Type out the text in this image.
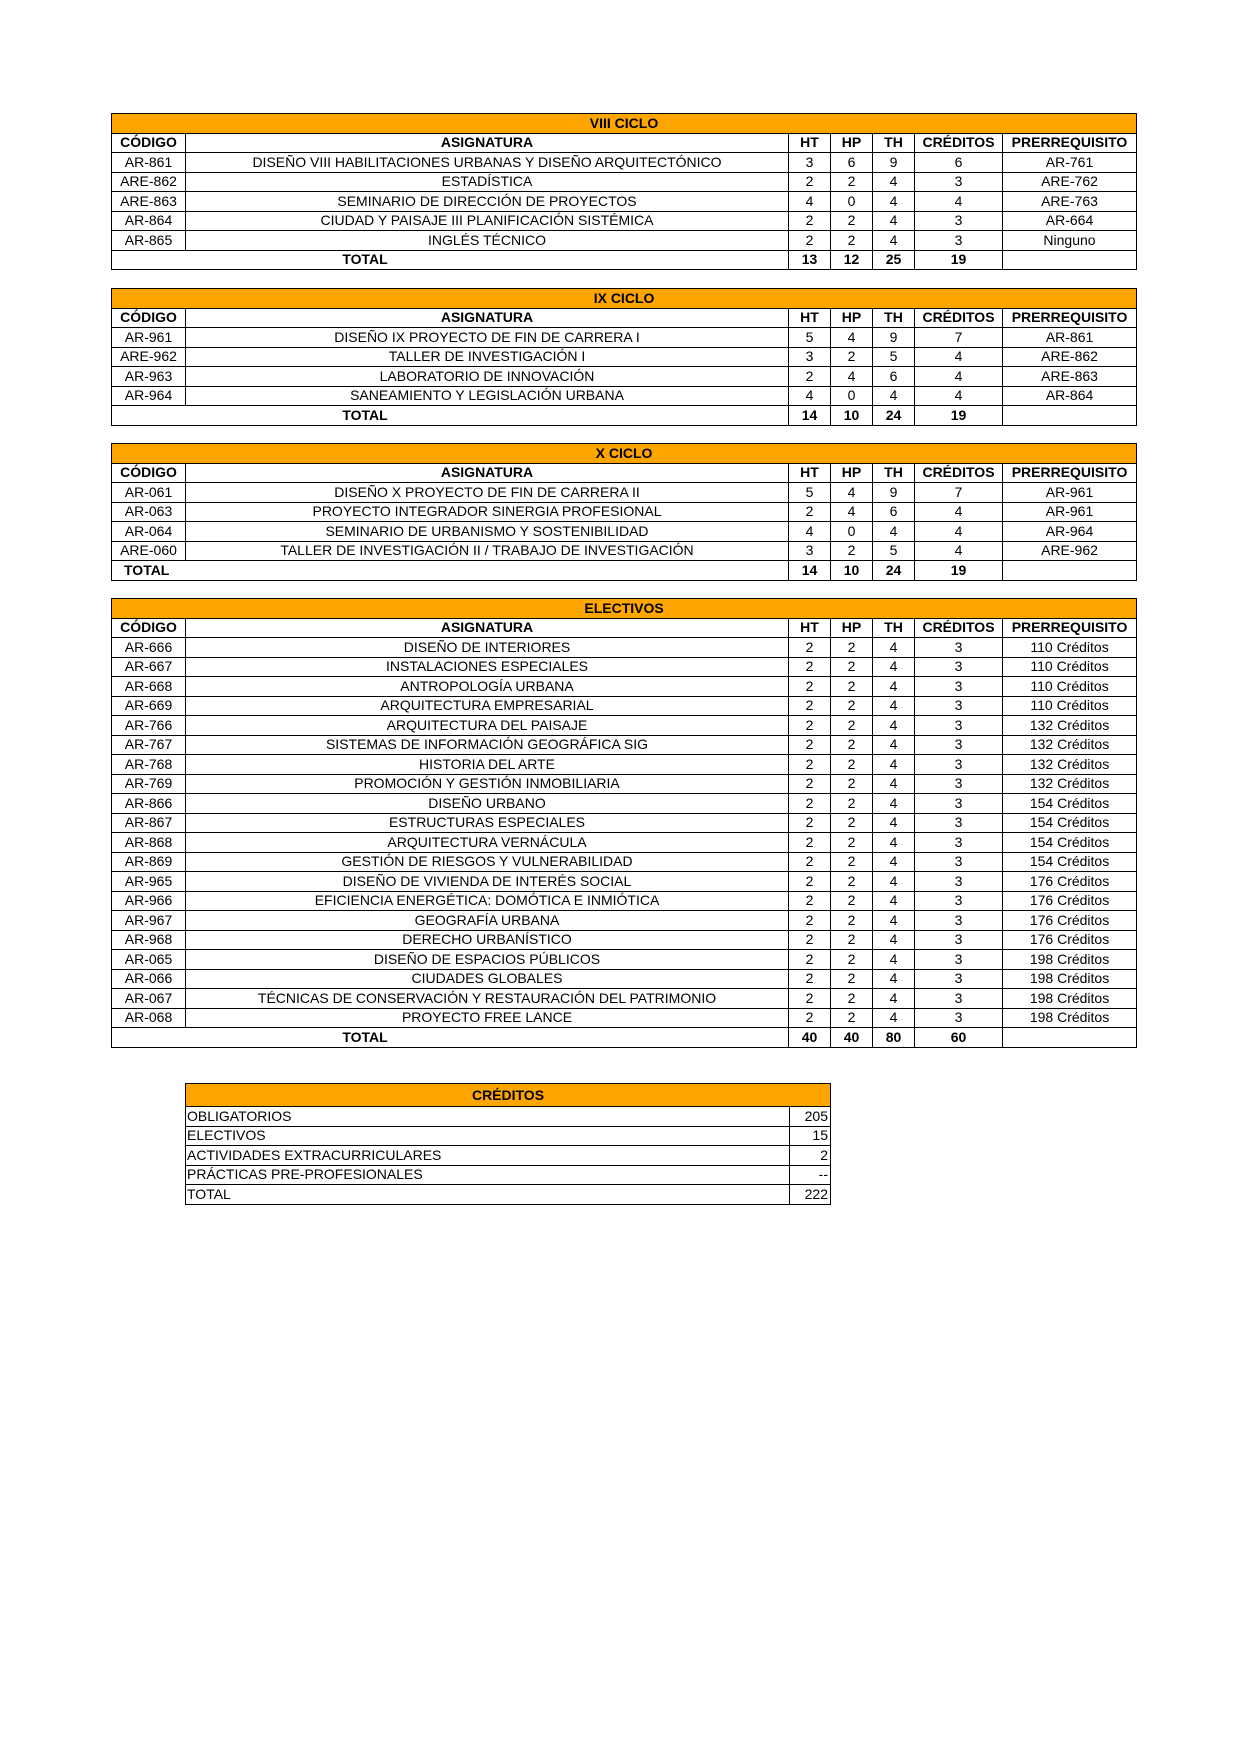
VIII CICLO						
CÓDIGO	ASIGNATURA	HT	HP	TH	CRÉDITOS	PRERREQUISITO
AR-861	DISEÑO VIII HABILITACIONES URBANAS Y DISEÑO ARQUITECTÓNICO	3	6	9	6	AR-761
ARE-862	ESTADÍSTICA	2	2	4	3	ARE-762
ARE-863	SEMINARIO DE DIRECCIÓN DE PROYECTOS	4	0	4	4	ARE-763
AR-864	CIUDAD Y PAISAJE III PLANIFICACIÓN SISTÉMICA	2	2	4	3	AR-664
AR-865	INGLÉS TÉCNICO	2	2	4	3	Ninguno
TOTAL		13	12	25	19	
IX CICLO						
CÓDIGO	ASIGNATURA	HT	HP	TH	CRÉDITOS	PRERREQUISITO
AR-961	DISEÑO IX PROYECTO DE FIN DE CARRERA I	5	4	9	7	AR-861
ARE-962	TALLER DE INVESTIGACIÓN I	3	2	5	4	ARE-862
AR-963	LABORATORIO DE INNOVACIÓN	2	4	6	4	ARE-863
AR-964	SANEAMIENTO Y LEGISLACIÓN URBANA	4	0	4	4	AR-864
TOTAL		14	10	24	19	
X CICLO						
CÓDIGO	ASIGNATURA	HT	HP	TH	CRÉDITOS	PRERREQUISITO
AR-061	DISEÑO X PROYECTO DE FIN DE CARRERA II	5	4	9	7	AR-961
AR-063	PROYECTO INTEGRADOR SINERGIA PROFESIONAL	2	4	6	4	AR-961
AR-064	SEMINARIO DE URBANISMO Y SOSTENIBILIDAD	4	0	4	4	AR-964
ARE-060	TALLER DE INVESTIGACIÓN II / TRABAJO DE INVESTIGACIÓN	3	2	5	4	ARE-962
TOTAL		14	10	24	19	
ELECTIVOS						
CÓDIGO	ASIGNATURA	HT	HP	TH	CRÉDITOS	PRERREQUISITO
AR-666	DISEÑO DE INTERIORES	2	2	4	3	110 Créditos
AR-667	INSTALACIONES ESPECIALES	2	2	4	3	110 Créditos
AR-668	ANTROPOLOGÍA URBANA	2	2	4	3	110 Créditos
AR-669	ARQUITECTURA EMPRESARIAL	2	2	4	3	110 Créditos
AR-766	ARQUITECTURA DEL PAISAJE	2	2	4	3	132 Créditos
AR-767	SISTEMAS DE INFORMACIÓN GEOGRÁFICA SIG	2	2	4	3	132 Créditos
AR-768	HISTORIA DEL ARTE	2	2	4	3	132 Créditos
AR-769	PROMOCIÓN Y GESTIÓN INMOBILIARIA	2	2	4	3	132 Créditos
AR-866	DISEÑO URBANO	2	2	4	3	154 Créditos
AR-867	ESTRUCTURAS ESPECIALES	2	2	4	3	154 Créditos
AR-868	ARQUITECTURA VERNÁCULA	2	2	4	3	154 Créditos
AR-869	GESTIÓN DE RIESGOS Y VULNERABILIDAD	2	2	4	3	154 Créditos
AR-965	DISEÑO DE VIVIENDA DE INTERÉS SOCIAL	2	2	4	3	176 Créditos
AR-966	EFICIENCIA ENERGÉTICA: DOMÓTICA E INMIÓTICA	2	2	4	3	176 Créditos
AR-967	GEOGRAFÍA URBANA	2	2	4	3	176 Créditos
AR-968	DERECHO URBANÍSTICO	2	2	4	3	176 Créditos
AR-065	DISEÑO DE ESPACIOS PÚBLICOS	2	2	4	3	198 Créditos
AR-066	CIUDADES GLOBALES	2	2	4	3	198 Créditos
AR-067	TÉCNICAS DE CONSERVACIÓN Y RESTAURACIÓN DEL PATRIMONIO	2	2	4	3	198 Créditos
AR-068	PROYECTO FREE LANCE	2	2	4	3	198 Créditos
TOTAL		40	40	80	60	
CRÉDITOS	
OBLIGATORIOS	205
ELECTIVOS	15
ACTIVIDADES EXTRACURRICULARES	2
PRÁCTICAS PRE-PROFESIONALES	--
TOTAL	222
